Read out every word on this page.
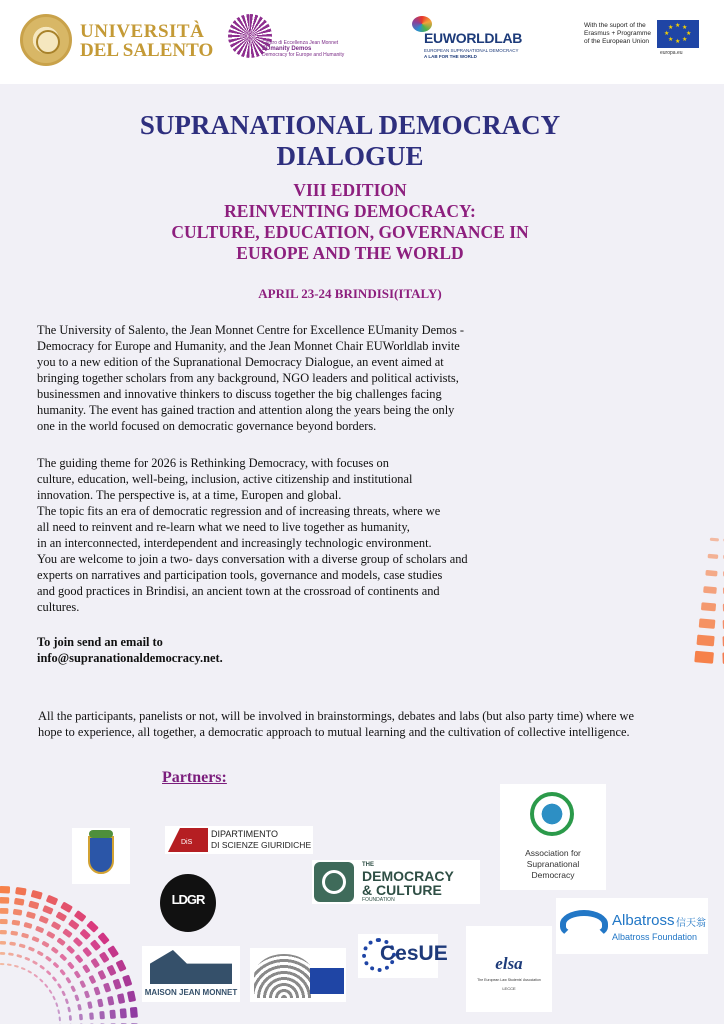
UNIVERSITÀ
DEL SALENTO	Centro di Eccellenza Jean Monnet
EUmanity Demos
Democracy for Europe and Humanity
EUWORLDLAB
EUROPEAN SUPRANATIONAL DEMOCRACY
A LAB FOR THE WORLD
With the suport of the
Erasmus + Programme
of the European Union
★ ★
★
★
★
★
★
★
europa.eu
SUPRANATIONAL DEMOCRACY
DIALOGUE
VIII EDITION
REINVENTING DEMOCRACY:
CULTURE, EDUCATION, GOVERNANCE IN
EUROPE AND THE WORLD
APRIL 23-24 BRINDISI(ITALY)
The University of Salento, the Jean Monnet Centre for Excellence EUmanity Demos -
Democracy for Europe and Humanity, and the Jean Monnet Chair EUWorldlab invite
you to a new edition of the Supranational Democracy Dialogue, an event aimed at
bringing together scholars from any background, NGO leaders and political activists,
businessmen and innovative thinkers to discuss together the big challenges facing
humanity. The event has gained traction and attention along the years being the only
one in the world focused on democratic governance beyond borders.
The guiding theme for 2026 is Rethinking Democracy, with focuses on
culture, education, well-being, inclusion, active citizenship and institutional
innovation. The perspective is, at a time, Europen and global.
The topic fits an era of democratic regression and of increasing threats, where we
all need to reinvent and re-learn what we need to live together as humanity,
in an interconnected, interdependent and increasingly technologic environment.
You are welcome to join a two- days conversation with a diverse group of scholars and
experts on narratives and participation tools, governance and models, case studies
and good practices in Brindisi, an ancient town at the crossroad of continents and
cultures.
To join send an email to
info@supranationaldemocracy.net.
All the participants, panelists or not, will be involved in brainstormings, debates and labs (but also party time) where we
hope to experience, all together, a democratic approach to mutual learning and the cultivation of collective intelligence.
Partners:
DiS
DIPARTIMENTO
DI SCIENZE GIURIDICHE
LDGR
THE
DEMOCRACY
& CULTURE
FOUNDATION
Association for
Supranational
Democracy
Albatross 信天翁
Albatross Foundation
MAISON JEAN MONNET
CesUE	elsa
The European Law Students' Association
LECCE
